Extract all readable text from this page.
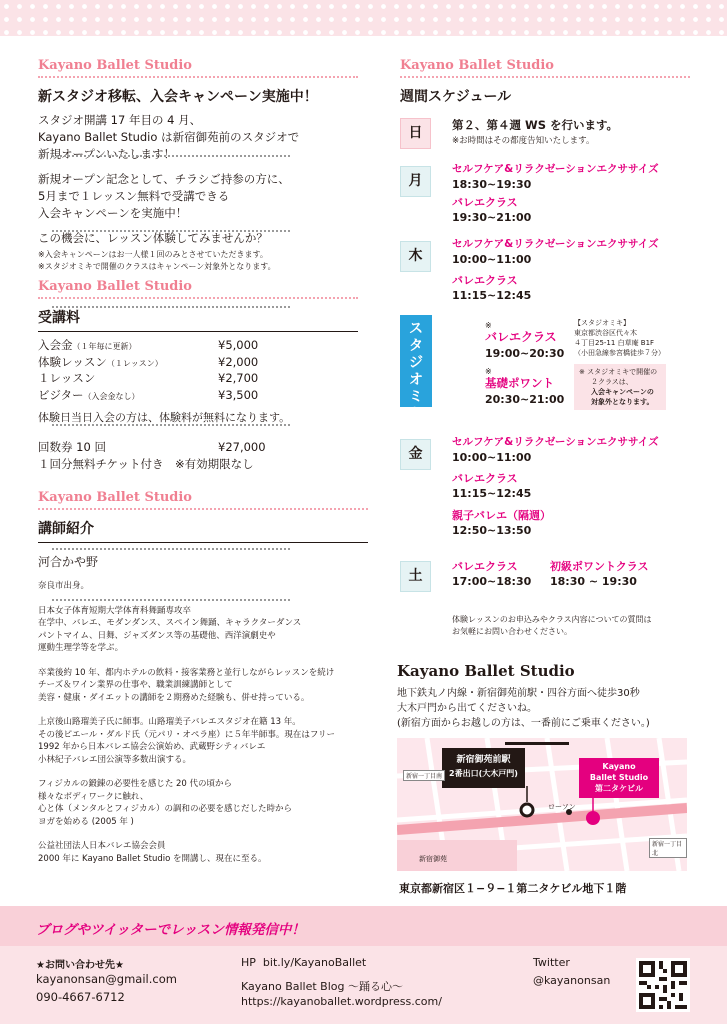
Kayano Ballet Studio
新スタジオ移転、入会キャンペーン実施中！
スタジオ開講 17 年目の 4 月、
Kayano Ballet Studio は新宿御苑前のスタジオで
新規オープンいたします！
新規オープン記念として、チラシご持参の方に、
5月まで１レッスン無料で受講できる
入会キャンペーンを実施中！
この機会に、レッスン体験してみませんか？
※入会キャンペーンはお一人様１回のみとさせていただきます。
※スタジオミキで開催のクラスはキャンペーン対象外となります。
Kayano Ballet Studio
受講料
入会金（１年毎に更新）	¥5,000
体験レッスン（１レッスン）	¥2,000
１レッスン	¥2,700
ビジター（入会金なし）	¥3,500
体験日当日入会の方は、体験料が無料になります。
回数券 10 回	¥27,000
１回分無料チケット付き　※有効期限なし
Kayano Ballet Studio
講師紹介
河合かや野
奈良市出身。
日本女子体育短期大学体育科舞踊専攻卒
在学中、バレエ、モダンダンス、スペイン舞踊、キャラクターダンス
パントマイム、日舞、ジャズダンス等の基礎他、西洋演劇史や
運動生理学等を学ぶ。
卒業後約 10 年、都内ホテルの飲料・接客業務と並行しながらレッスンを続け
チーズ＆ワイン業界の仕事や、職業訓練講師として
美容・健康・ダイエットの講師を２期務めた経験も、併せ持っている。
上京後山路瑠美子氏に師事。山路瑠美子バレエスタジオ在籍 13 年。
その後ピエール・ダルド氏（元パリ・オペラ座）に５年半師事。現在はフリー
1992 年から日本バレエ協会公演始め、武蔵野シティバレエ
小林紀子バレエ団公演等多数出演する。
フィジカルの鍛錬の必要性を感じた 20 代の頃から
様々なボディワークに触れ、
心と体（メンタルとフィジカル）の調和の必要を感じだした時から
ヨガを始める (2005 年 )
公益社団法人日本バレエ協会会員
2000 年に Kayano Ballet Studio を開講し、現在に至る。
Kayano Ballet Studio
週間スケジュール
日	第２、第４週 WS を行います。
※お時間はその都度告知いたします。
月
セルフケア&リラクゼーションエクササイズ
18:30~19:30
バレエクラス
19:30~21:00
木
セルフケア&リラクゼーションエクササイズ
10:00~11:00
バレエクラス
11:15~12:45
スタジオミキ
※
バレエクラス
19:00~20:30
※
基礎ポワント
20:30~21:00
【スタジオミキ】
東京都渋谷区代々木
４丁目25-11 白草庵 B1F
（小田急線参宮橋徒歩７分）
※ スタジオミキで開催の
２クラスは、
入会キャンペーンの
対象外となります。
金
セルフケア&リラクゼーションエクササイズ
10:00~11:00
バレエクラス
11:15~12:45
親子バレエ（隔週）
12:50~13:50
土
バレエクラス
17:00~18:30
初級ポワントクラス
18:30 ~ 19:30
体験レッスンのお申込みやクラス内容についての質問は
お気軽にお問い合わせください。
Kayano Ballet Studio
地下鉄丸ノ内線・新宿御苑前駅・四谷方面へ徒歩30秒
大木戸門から出てくださいね。
(新宿方面からお越しの方は、一番前にご乗車ください。)
新宿御苑前駅
2番出口(大木戸門)
Kayano
Ballet Studio
第二タケビル
ローソン
新宿一丁目南
新宿一丁目北
新宿御苑
東京都新宿区１−９−１第二タケビル地下１階
ブログやツイッターでレッスン情報発信中！
★お問い合わせ先★
kayanonsan@gmail.com
090-4667-6712
HP bit.ly/KayanoBallet
Kayano Ballet Blog 〜踊る心〜
https://kayanoballet.wordpress.com/
Twitter
@kayanonsan
